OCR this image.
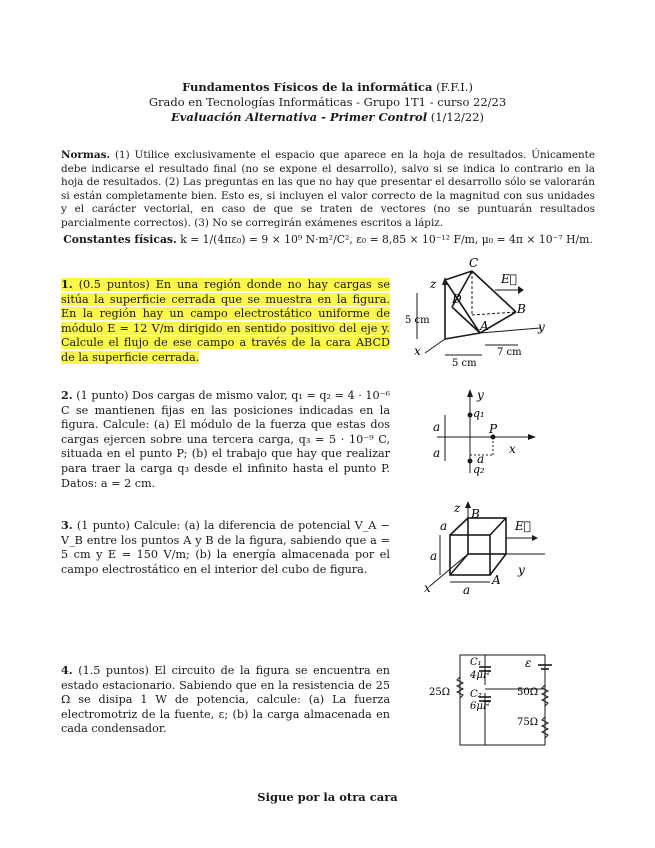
Fundamentos Físicos de la informática (F.F.I.)
Grado en Tecnologías Informáticas - Grupo 1T1 - curso 22/23
Evaluación Alternativa - Primer Control (1/12/22)
Normas. (1) Utilice exclusivamente el espacio que aparece en la hoja de resultados. Únicamente debe indicarse el resultado final (no se expone el desarrollo), salvo si se indica lo contrario en la hoja de resultados. (2) Las preguntas en las que no hay que presentar el desarrollo sólo se valorarán si están completamente bien. Esto es, si incluyen el valor correcto de la magnitud con sus unidades y el carácter vectorial, en caso de que se traten de vectores (no se puntuarán resultados parcialmente correctos). (3) No se corregirán exámenes escritos a lápiz.
Constantes físicas. k = 1/(4πε₀) = 9 × 10⁹ N·m²/C², ε₀ = 8,85 × 10⁻¹² F/m, μ₀ = 4π × 10⁻⁷ H/m.
1. (0.5 puntos) En una región donde no hay cargas se sitúa la superficie cerrada que se muestra en la figura. En la región hay un campo electrostático uniforme de módulo E = 12 V/m dirigido en sentido positivo del eje y. Calcule el flujo de ese campo a través de la cara ABCD de la superficie cerrada.
z
C
D
A
B
E⃗
y
x
5 cm
5 cm
7 cm
2. (1 punto) Dos cargas de mismo valor, q₁ = q₂ = 4 · 10⁻⁶ C se mantienen fijas en las posiciones indicadas en la figura. Calcule: (a) El módulo de la fuerza que estas dos cargas ejercen sobre una tercera carga, q₃ = 5 · 10⁻⁹ C, situada en el punto P; (b) el trabajo que hay que realizar para traer la carga q₃ desde el infinito hasta el punto P. Datos: a = 2 cm.
y
q₁
q₂
P
x
a
a	a
3. (1 punto) Calcule: (a) la diferencia de potencial V_A − V_B entre los puntos A y B de la figura, sabiendo que a = 5 cm y E = 150 V/m; (b) la energía almacenada por el campo electrostático en el interior del cubo de figura.
z B
A
E⃗
y
x
a
a
a
4. (1.5 puntos) El circuito de la figura se encuentra en estado estacionario. Sabiendo que en la resistencia de 25 Ω se disipa 1 W de potencia, calcule: (a) La fuerza electromotriz de la fuente, ε; (b) la carga almacenada en cada condensador.
C₁
4μF
C₂
6μF
ε
25Ω	50Ω
75Ω
Sigue por la otra cara
